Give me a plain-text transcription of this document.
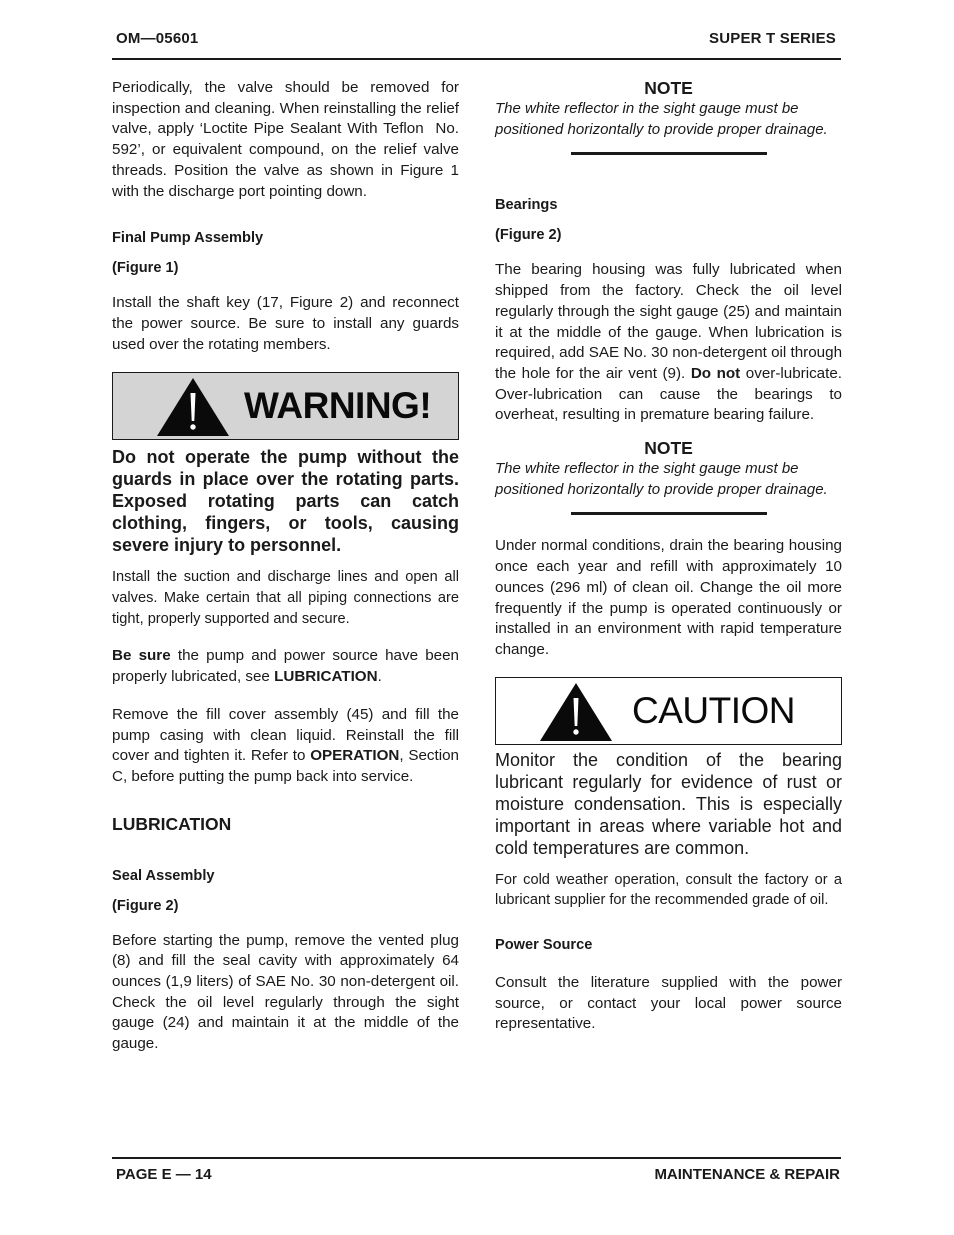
OM—05601	SUPER T SERIES

Periodically, the valve should be removed for inspection and cleaning. When reinstalling the relief valve, apply ‘Loctite Pipe Sealant With Teflon  No. 592’, or equivalent compound, on the relief valve threads. Position the valve as shown in Figure 1 with the discharge port pointing down.

Final Pump Assembly
(Figure 1)

Install the shaft key (17, Figure 2) and reconnect the power source. Be sure to install any guards used over the rotating members.

WARNING!

Do not operate the pump without the guards in place over the rotating parts. Exposed rotating parts can catch clothing, fingers, or tools, causing severe injury to personnel.

Install the suction and discharge lines and open all valves. Make certain that all piping connections are tight, properly supported and secure.

Be sure the pump and power source have been properly lubricated, see LUBRICATION.

Remove the fill cover assembly (45) and fill the pump casing with clean liquid. Reinstall the fill cover and tighten it. Refer to OPERATION, Section C, before putting the pump back into service.

LUBRICATION
Seal Assembly
(Figure 2)

Before starting the pump, remove the vented plug (8) and fill the seal cavity with approximately 64 ounces (1,9 liters) of SAE No. 30 non-detergent oil. Check the oil level regularly through the sight gauge (24) and maintain it at the middle of the gauge.

NOTE

The white reflector in the sight gauge must be positioned horizontally to provide proper drainage.

Bearings
(Figure 2)

The bearing housing was fully lubricated when shipped from the factory. Check the oil level regularly through the sight gauge (25) and maintain it at the middle of the gauge. When lubrication is required, add SAE No. 30 non-detergent oil through the hole for the air vent (9). Do not over-lubricate. Over-lubrication can cause the bearings to overheat, resulting in premature bearing failure.

NOTE

The white reflector in the sight gauge must be positioned horizontally to provide proper drainage.

Under normal conditions, drain the bearing housing once each year and refill with approximately 10 ounces (296 ml) of clean oil. Change the oil more frequently if the pump is operated continuously or installed in an environment with rapid temperature change.

CAUTION

Monitor the condition of the bearing lubricant regularly for evidence of rust or moisture condensation. This is especially important in areas where variable hot and cold temperatures are common.

For cold weather operation, consult the factory or a lubricant supplier for the recommended grade of oil.

Power Source

Consult the literature supplied with the power source, or contact your local power source representative.

PAGE E — 14	MAINTENANCE & REPAIR
